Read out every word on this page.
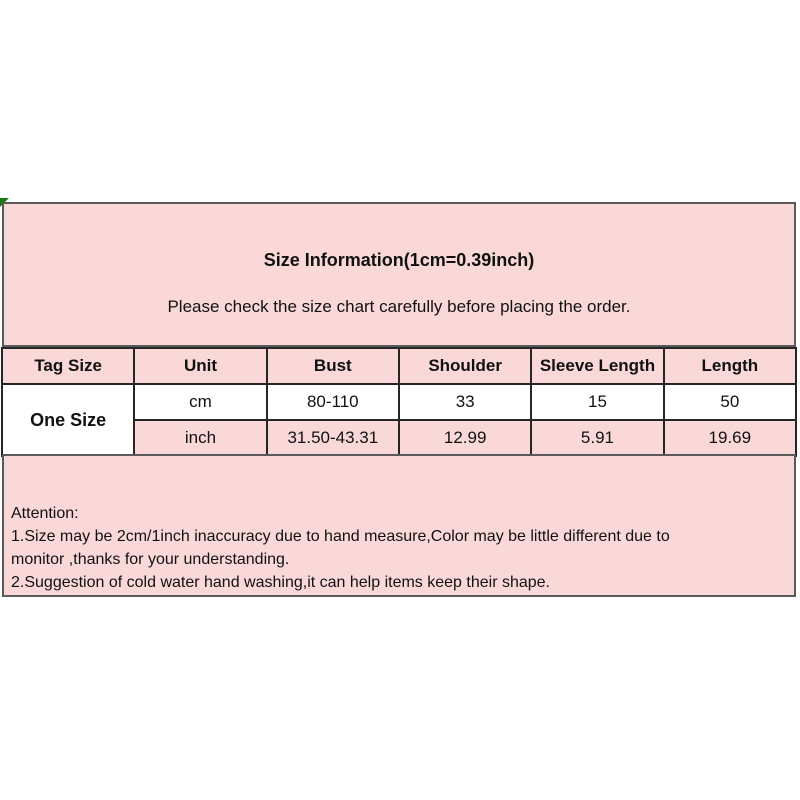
Size Information(1cm=0.39inch)
Please check the size chart carefully before placing the order.
Tag Size	Unit	Bust	Shoulder	Sleeve Length	Length
One Size	cm	80-110	33	15	50
	inch	31.50-43.31	12.99	5.91	19.69
Attention:
1.Size may be 2cm/1inch inaccuracy due to hand measure,Color may be little different due to
monitor ,thanks for your understanding.
2.Suggestion of cold water hand washing,it can help items keep their shape.
